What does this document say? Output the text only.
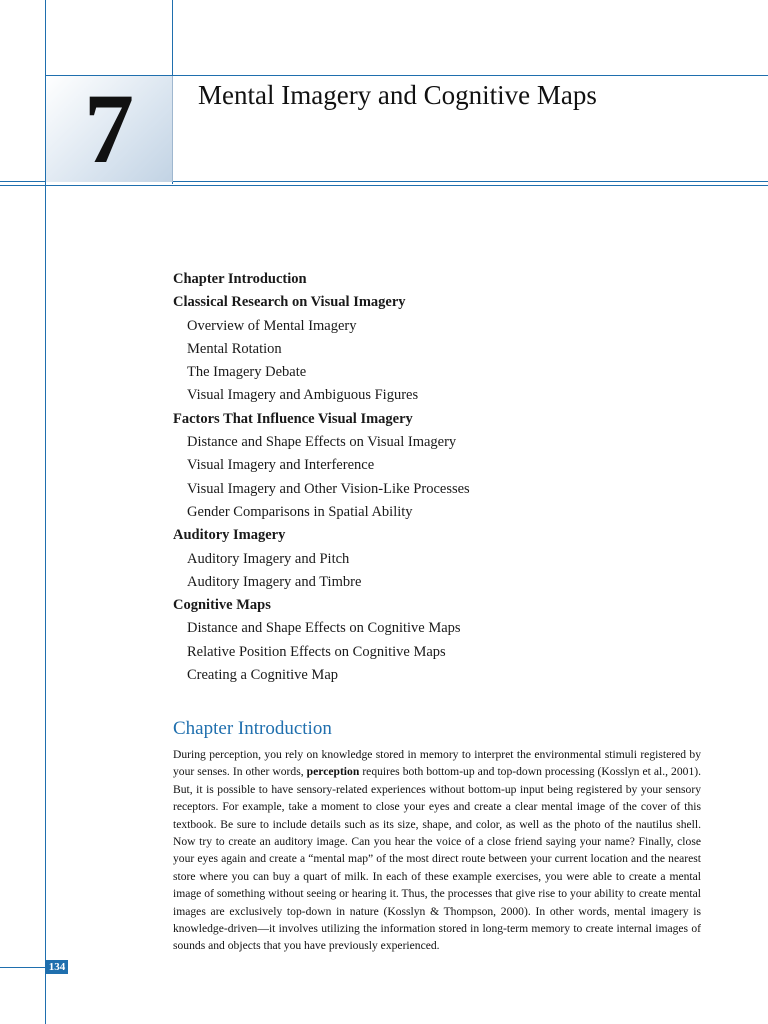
7	Mental Imagery and Cognitive Maps
Chapter Introduction
Classical Research on Visual Imagery
Overview of Mental Imagery
Mental Rotation
The Imagery Debate
Visual Imagery and Ambiguous Figures
Factors That Influence Visual Imagery
Distance and Shape Effects on Visual Imagery
Visual Imagery and Interference
Visual Imagery and Other Vision-Like Processes
Gender Comparisons in Spatial Ability
Auditory Imagery
Auditory Imagery and Pitch
Auditory Imagery and Timbre
Cognitive Maps
Distance and Shape Effects on Cognitive Maps
Relative Position Effects on Cognitive Maps
Creating a Cognitive Map
Chapter Introduction

During perception, you rely on knowledge stored in memory to interpret the environmental stimuli registered by your senses. In other words, perception requires both bottom-up and top-down processing (Kosslyn et al., 2001). But, it is possible to have sensory-related experiences without bottom-up input being registered by your sensory receptors. For example, take a moment to close your eyes and create a clear mental image of the cover of this textbook. Be sure to include details such as its size, shape, and color, as well as the photo of the nautilus shell. Now try to create an auditory image. Can you hear the voice of a close friend saying your name? Finally, close your eyes again and create a “mental map” of the most direct route between your current location and the nearest store where you can buy a quart of milk. In each of these example exercises, you were able to create a mental image of something without seeing or hearing it. Thus, the processes that give rise to your ability to create mental images are exclusively top-down in nature (Kosslyn & Thompson, 2000). In other words, mental imagery is knowledge-driven—it involves utilizing the information stored in long-term memory to create internal images of sounds and objects that you have previously experienced.

134
